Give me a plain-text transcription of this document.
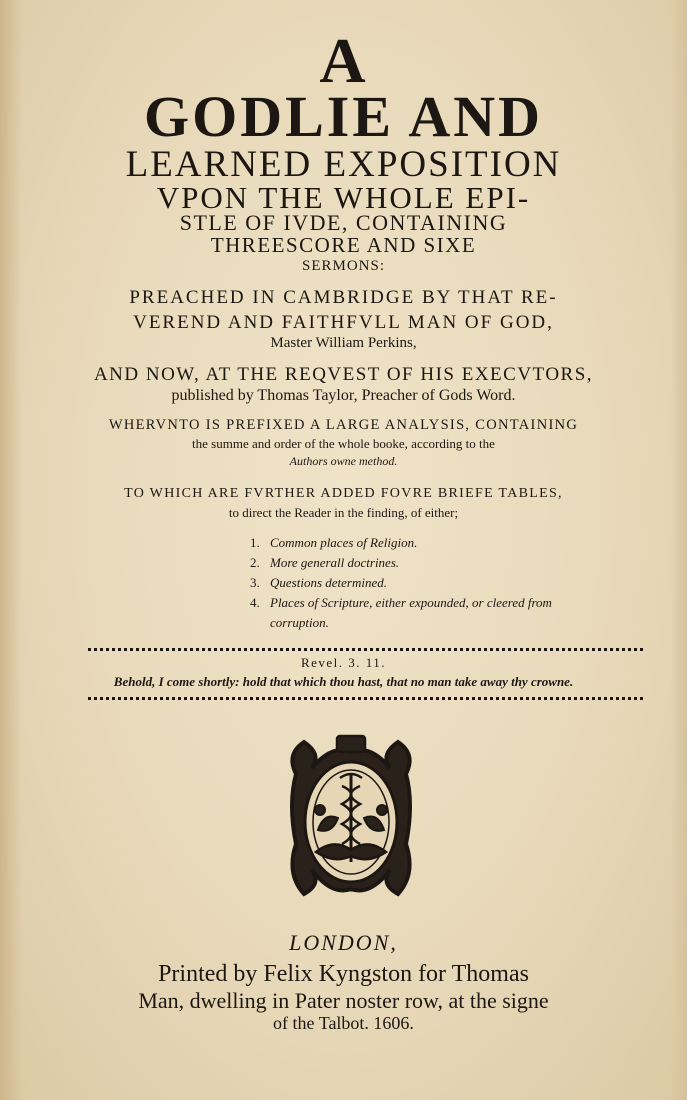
A
GODLIE AND
LEARNED EXPOSITION
VPON THE WHOLE EPI-
STLE OF IVDE, CONTAINING
THREESCORE AND SIXE
SERMONS:
PREACHED IN CAMBRIDGE BY THAT RE-
VEREND AND FAITHFVLL MAN OF GOD,
Master William Perkins,
AND NOW, AT THE REQVEST OF HIS EXECVTORS,
published by Thomas Taylor, Preacher of Gods Word.
WHERVNTO IS PREFIXED A LARGE ANALYSIS, CONTAINING
the summe and order of the whole booke, according to the
Authors owne method.
TO WHICH ARE FVRTHER ADDED FOVRE BRIEFE TABLES,
to direct the Reader in the finding, of either;
1. Common places of Religion.
2. More generall doctrines.
3. Questions determined.
4. Places of Scripture, either expounded, or cleered from
corruption.
Revel. 3. 11.
Behold, I come shortly: hold that which thou hast, that no man take away thy crowne.
LONDON,
Printed by Felix Kyngston for Thomas
Man, dwelling in Pater noster row, at the signe
of the Talbot. 1606.
